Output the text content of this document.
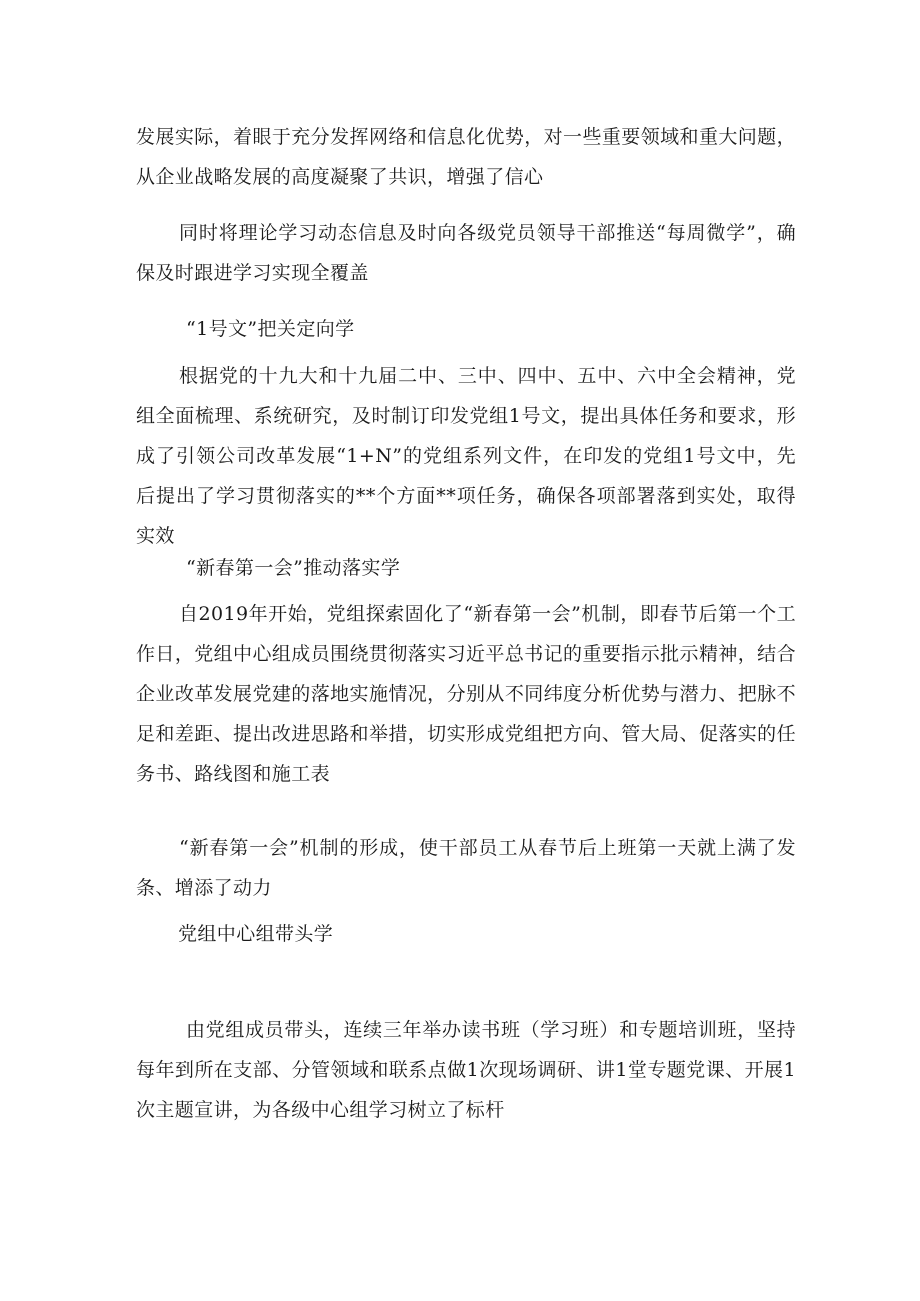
发展实际，着眼于充分发挥网络和信息化优势，对一些重要领域和重大问题，从企业战略发展的高度凝聚了共识，增强了信心

同时将理论学习动态信息及时向各级党员领导干部推送“每周微学”，确保及时跟进学习实现全覆盖

“1号文”把关定向学

根据党的十九大和十九届二中、三中、四中、五中、六中全会精神，党组全面梳理、系统研究，及时制订印发党组1号文，提出具体任务和要求，形成了引领公司改革发展“1+N”的党组系列文件，在印发的党组1号文中，先后提出了学习贯彻落实的**个方面**项任务，确保各项部署落到实处，取得实效

“新春第一会”推动落实学

自2019年开始，党组探索固化了“新春第一会”机制，即春节后第一个工作日，党组中心组成员围绕贯彻落实习近平总书记的重要指示批示精神，结合企业改革发展党建的落地实施情况，分别从不同纬度分析优势与潜力、把脉不足和差距、提出改进思路和举措，切实形成党组把方向、管大局、促落实的任务书、路线图和施工表

“新春第一会”机制的形成，使干部员工从春节后上班第一天就上满了发条、增添了动力

党组中心组带头学

由党组成员带头，连续三年举办读书班（学习班）和专题培训班，坚持每年到所在支部、分管领域和联系点做1次现场调研、讲1堂专题党课、开展1次主题宣讲，为各级中心组学习树立了标杆
